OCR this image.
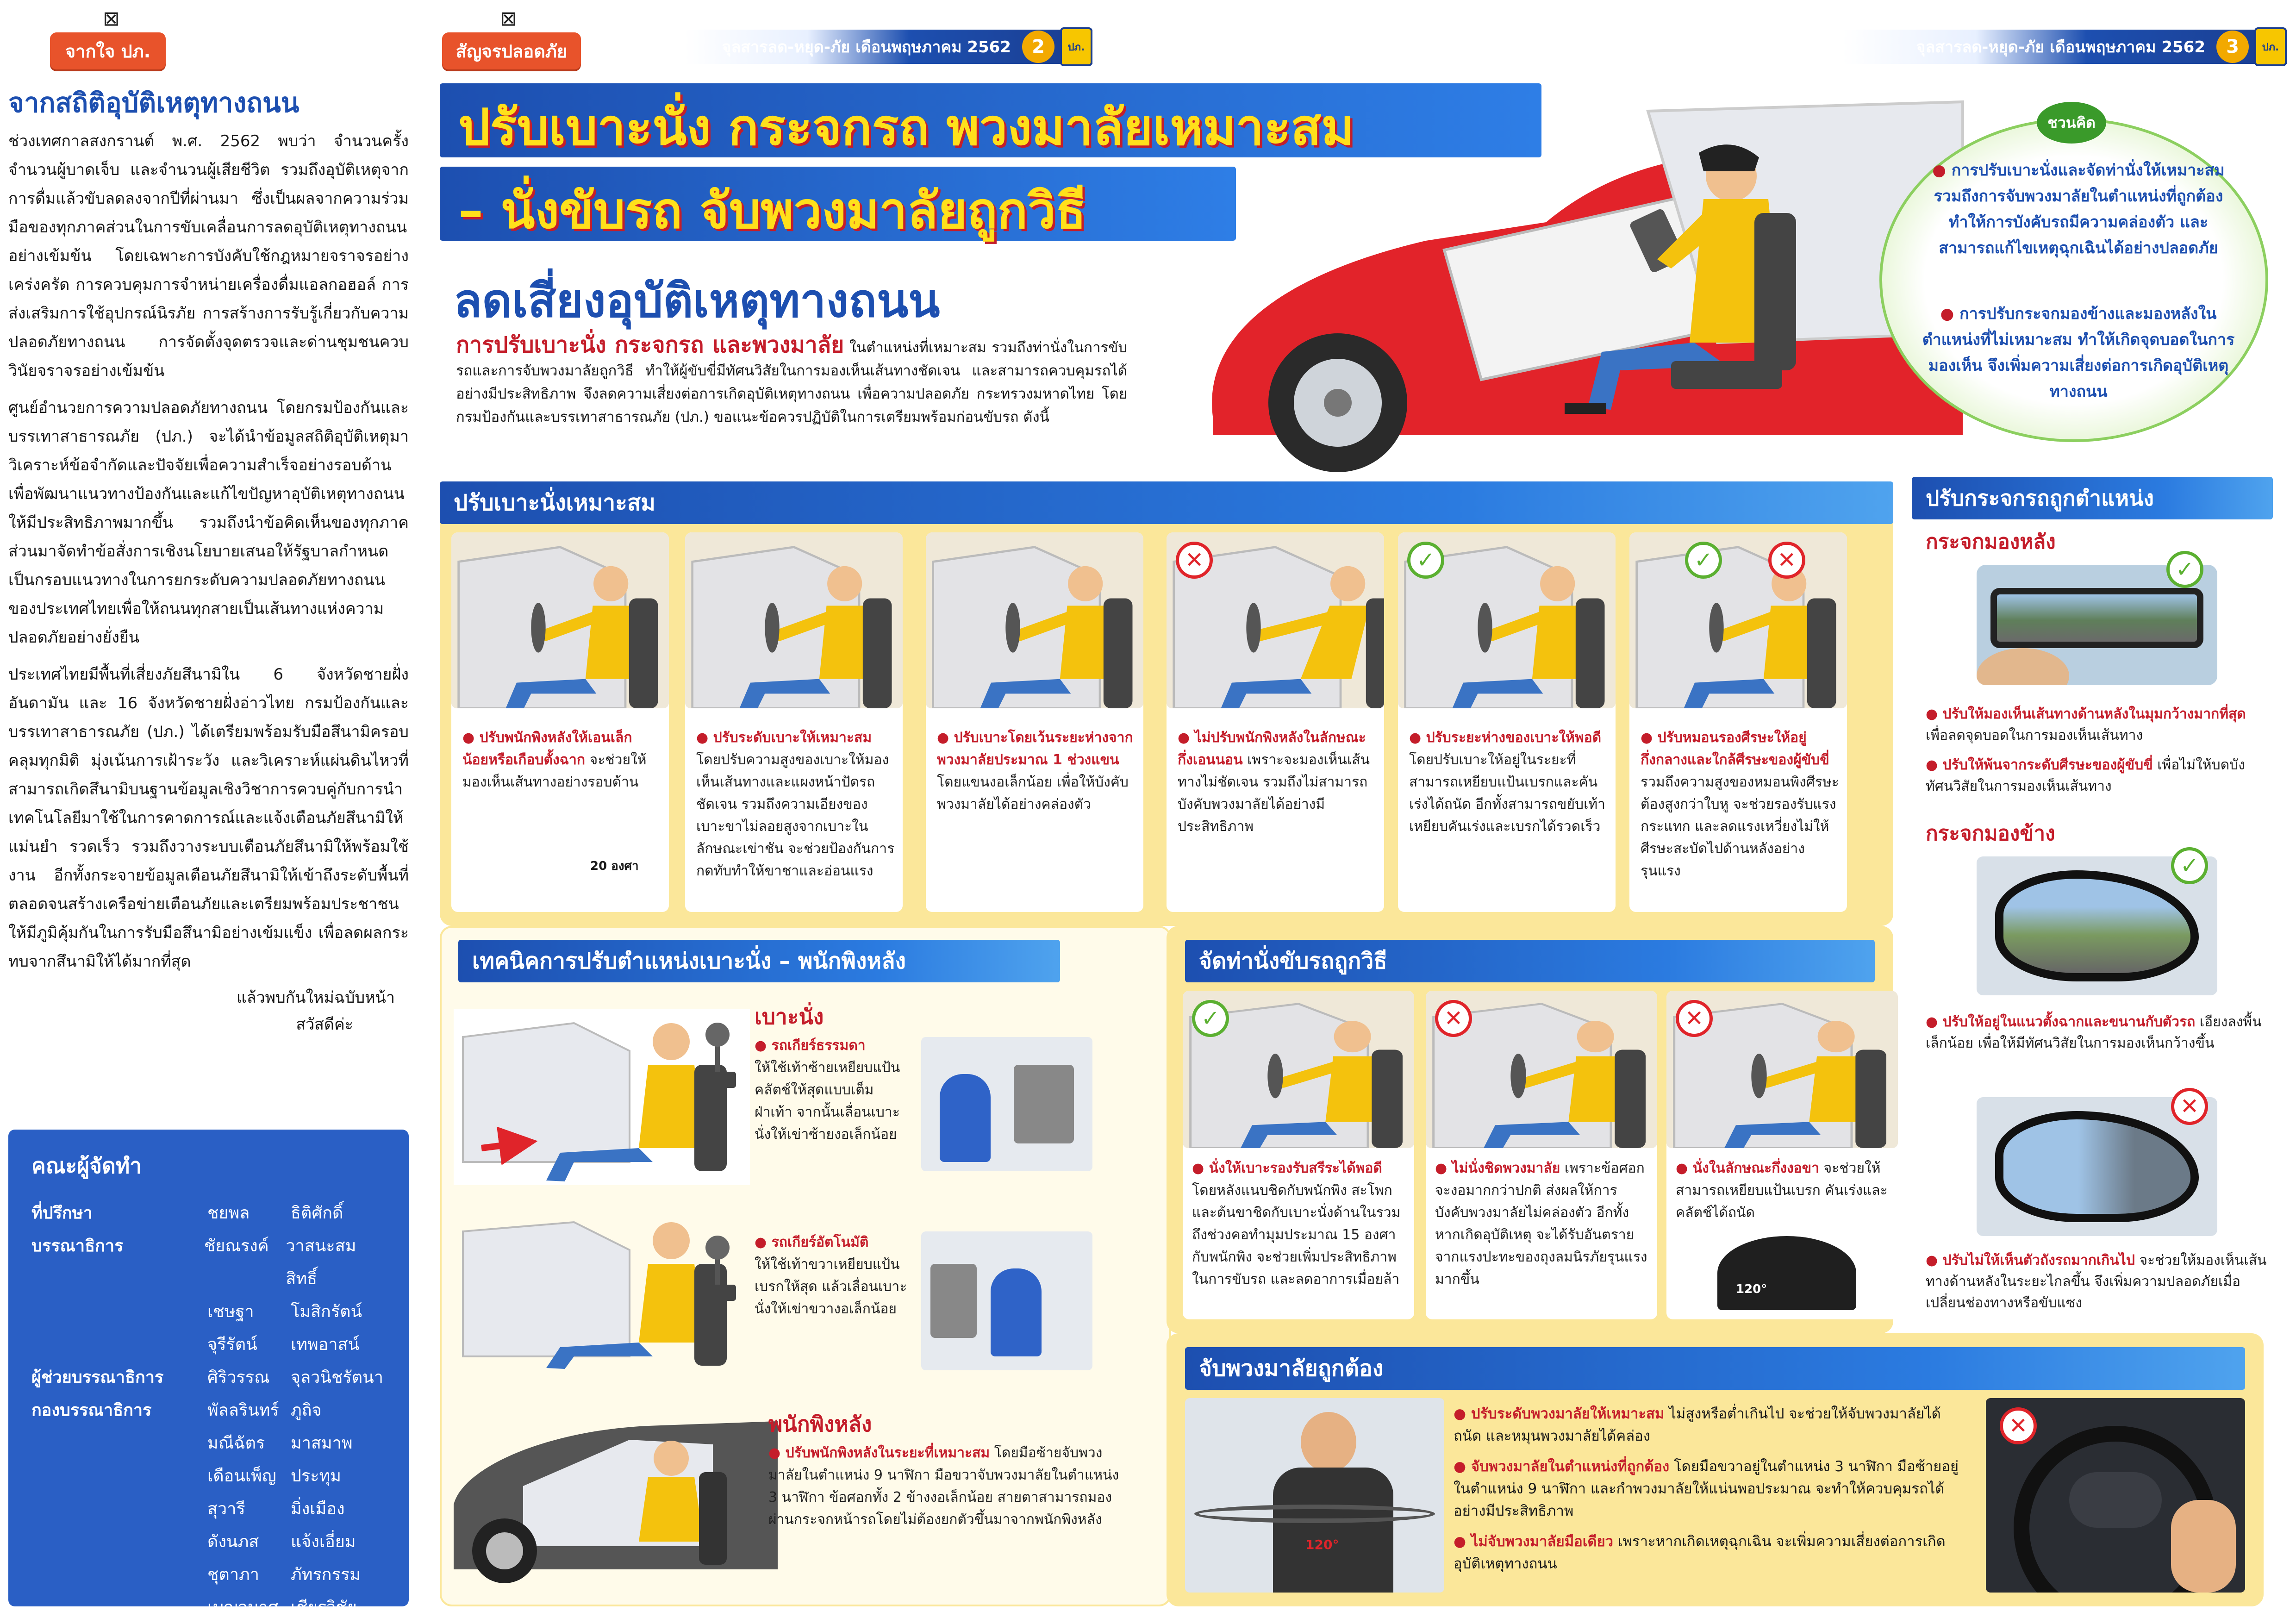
⊠	⊠
จากใจ ปภ.	สัญจรปลอดภัย	จุลสารลด-หยุด-ภัย เดือนพฤษภาคม 2562	2	ปภ.	จุลสารลด-หยุด-ภัย เดือนพฤษภาคม 2562	3	ปภ.
จากสถิติอุบัติเหตุทางถนน

ช่วงเทศกาลสงกรานต์ พ.ศ. 2562 พบว่า จำนวนครั้ง จำนวนผู้บาดเจ็บ และจำนวนผู้เสียชีวิต รวมถึงอุบัติเหตุจากการดื่มแล้วขับลดลงจากปีที่ผ่านมา ซึ่งเป็นผลจากความร่วมมือของทุกภาคส่วนในการขับเคลื่อนการลดอุบัติเหตุทางถนนอย่างเข้มข้น โดยเฉพาะการบังคับใช้กฎหมายจราจรอย่างเคร่งครัด การควบคุมการจำหน่ายเครื่องดื่มแอลกอฮอล์ การส่งเสริมการใช้อุปกรณ์นิรภัย การสร้างการรับรู้เกี่ยวกับความปลอดภัยทางถนน การจัดตั้งจุดตรวจและด่านชุมชนควบวินัยจราจรอย่างเข้มข้น

ศูนย์อำนวยการความปลอดภัยทางถนน โดยกรมป้องกันและบรรเทาสาธารณภัย (ปภ.) จะได้นำข้อมูลสถิติอุบัติเหตุมาวิเคราะห์ข้อจำกัดและปัจจัยเพื่อความสำเร็จอย่างรอบด้าน เพื่อพัฒนาแนวทางป้องกันและแก้ไขปัญหาอุบัติเหตุทางถนนให้มีประสิทธิภาพมากขึ้น รวมถึงนำข้อคิดเห็นของทุกภาคส่วนมาจัดทำข้อสั่งการเชิงนโยบายเสนอให้รัฐบาลกำหนดเป็นกรอบแนวทางในการยกระดับความปลอดภัยทางถนนของประเทศไทยเพื่อให้ถนนทุกสายเป็นเส้นทางแห่งความปลอดภัยอย่างยั่งยืน

ประเทศไทยมีพื้นที่เสี่ยงภัยสึนามิใน 6 จังหวัดชายฝั่งอันดามัน และ 16 จังหวัดชายฝั่งอ่าวไทย กรมป้องกันและบรรเทาสาธารณภัย (ปภ.) ได้เตรียมพร้อมรับมือสึนามิครอบคลุมทุกมิติ มุ่งเน้นการเฝ้าระวัง และวิเคราะห์แผ่นดินไหวที่สามารถเกิดสึนามิบนฐานข้อมูลเชิงวิชาการควบคู่กับการนำเทคโนโลยีมาใช้ในการคาดการณ์และแจ้งเตือนภัยสึนามิให้แม่นยำ รวดเร็ว รวมถึงวางระบบเตือนภัยสึนามิให้พร้อมใช้งาน อีกทั้งกระจายข้อมูลเตือนภัยสึนามิให้เข้าถึงระดับพื้นที่ ตลอดจนสร้างเครือข่ายเตือนภัยและเตรียมพร้อมประชาชนให้มีภูมิคุ้มกันในการรับมือสึนามิอย่างเข้มแข็ง เพื่อลดผลกระทบจากสึนามิให้ได้มากที่สุด

แล้วพบกันใหม่ฉบับหน้า
สวัสดีค่ะ
คณะผู้จัดทำ
ที่ปรึกษา	ชยพล	ธิติศักดิ์
บรรณาธิการ	ชัยณรงค์	วาสนะสมสิทธิ์
เชษฐา	โมสิกรัตน์
จุรีรัตน์	เทพอาสน์
ผู้ช่วยบรรณาธิการ	ศิริวรรณ	จุลวนิชรัตนา
กองบรรณาธิการ	พัลลรินทร์ ภูถิจ
มณีฉัตร	มาสมาพ
เดือนเพ็ญ ประทุม
สุวารี	มิ่งเมือง
ดังนภส	แจ้งเอี่ยม
ชุตาภา	ภัทรกรรม
เบญจมาศ เชียรวิชัย
ปรับเบาะนั่ง กระจกรถ พวงมาลัยเหมาะสม
– นั่งขับรถ จับพวงมาลัยถูกวิธี
ลดเสี่ยงอุบัติเหตุทางถนน
การปรับเบาะนั่ง กระจกรถ และพวงมาลัย ในตำแหน่งที่เหมาะสม รวมถึงท่านั่งในการขับรถและการจับพวงมาลัยถูกวิธี ทำให้ผู้ขับขี่มีทัศนวิสัยในการมองเห็นเส้นทางชัดเจน และสามารถควบคุมรถได้อย่างมีประสิทธิภาพ จึงลดความเสี่ยงต่อการเกิดอุบัติเหตุทางถนน เพื่อความปลอดภัย กระทรวงมหาดไทย โดยกรมป้องกันและบรรเทาสาธารณภัย (ปภ.) ขอแนะข้อควรปฏิบัติในการเตรียมพร้อมก่อนขับรถ ดังนี้
ชวนคิด
● การปรับเบาะนั่งและจัดท่านั่งให้เหมาะสม รวมถึงการจับพวงมาลัยในตำแหน่งที่ถูกต้อง ทำให้การบังคับรถมีความคล่องตัว และสามารถแก้ไขเหตุฉุกเฉินได้อย่างปลอดภัย
● การปรับกระจกมองข้างและมองหลังในตำแหน่งที่ไม่เหมาะสม ทำให้เกิดจุดบอดในการมองเห็น จึงเพิ่มความเสี่ยงต่อการเกิดอุบัติเหตุทางถนน
ปรับเบาะนั่งเหมาะสม
● ปรับพนักพิงหลังให้เอนเล็กน้อยหรือเกือบตั้งฉาก จะช่วยให้มองเห็นเส้นทางอย่างรอบด้าน
20 องศา
● ปรับระดับเบาะให้เหมาะสม โดยปรับความสูงของเบาะให้มองเห็นเส้นทางและแผงหน้าปัดรถชัดเจน รวมถึงความเอียงของเบาะขาไม่ลอยสูงจากเบาะในลักษณะเข่าชัน จะช่วยป้องกันการกดทับทำให้ขาชาและอ่อนแรง
● ปรับเบาะโดยเว้นระยะห่างจากพวงมาลัยประมาณ 1 ช่วงแขน โดยแขนงอเล็กน้อย เพื่อให้บังคับพวงมาลัยได้อย่างคล่องตัว
● ไม่ปรับพนักพิงหลังในลักษณะกึ่งเอนนอน เพราะจะมองเห็นเส้นทางไม่ชัดเจน รวมถึงไม่สามารถบังคับพวงมาลัยได้อย่างมีประสิทธิภาพ
✕
● ปรับระยะห่างของเบาะให้พอดี โดยปรับเบาะให้อยู่ในระยะที่สามารถเหยียบแป้นเบรกและคันเร่งได้ถนัด อีกทั้งสามารถขยับเท้าเหยียบคันเร่งและเบรกได้รวดเร็ว
✓
● ปรับหมอนรองศีรษะให้อยู่กึ่งกลางและใกล้ศีรษะของผู้ขับขี่ รวมถึงความสูงของหมอนพิงศีรษะต้องสูงกว่าใบหู จะช่วยรองรับแรงกระแทก และลดแรงเหวี่ยงไม่ให้ศีรษะสะบัดไปด้านหลังอย่างรุนแรง
✓	✕
เทคนิคการปรับตำแหน่งเบาะนั่ง – พนักพิงหลัง
เบาะนั่ง
● รถเกียร์ธรรมดา
ให้ใช้เท้าซ้ายเหยียบแป้นคลัตช์ให้สุดแบบเต็มฝ่าเท้า จากนั้นเลื่อนเบาะนั่งให้เข่าซ้ายงอเล็กน้อย
● รถเกียร์อัตโนมัติ
ให้ใช้เท้าขวาเหยียบแป้นเบรกให้สุด แล้วเลื่อนเบาะนั่งให้เข่าขวางอเล็กน้อย
พนักพิงหลัง
● ปรับพนักพิงหลังในระยะที่เหมาะสม โดยมือซ้ายจับพวงมาลัยในตำแหน่ง 9 นาฬิกา มือขวาจับพวงมาลัยในตำแหน่ง 3 นาฬิกา ข้อศอกทั้ง 2 ข้างงอเล็กน้อย สายตาสามารถมองผ่านกระจกหน้ารถโดยไม่ต้องยกตัวขึ้นมาจากพนักพิงหลัง
จัดท่านั่งขับรถถูกวิธี
● นั่งให้เบาะรองรับสรีระได้พอดี โดยหลังแนบชิดกับพนักพิง สะโพกและต้นขาชิดกับเบาะนั่งด้านในรวมถึงช่วงคอทำมุมประมาณ 15 องศากับพนักพิง จะช่วยเพิ่มประสิทธิภาพในการขับรถ และลดอาการเมื่อยล้า
✓
● ไม่นั่งชิดพวงมาลัย เพราะข้อศอกจะงอมากกว่าปกติ ส่งผลให้การบังคับพวงมาลัยไม่คล่องตัว อีกทั้งหากเกิดอุบัติเหตุ จะได้รับอันตรายจากแรงปะทะของถุงลมนิรภัยรุนแรงมากขึ้น
✕
● นั่งในลักษณะกึ่งงอขา จะช่วยให้สามารถเหยียบแป้นเบรก คันเร่งและคลัตช์ได้ถนัด
✕
120°
จับพวงมาลัยถูกต้อง
120°
● ปรับระดับพวงมาลัยให้เหมาะสม ไม่สูงหรือต่ำเกินไป จะช่วยให้จับพวงมาลัยได้ถนัด และหมุนพวงมาลัยได้คล่อง
● จับพวงมาลัยในตำแหน่งที่ถูกต้อง โดยมือขวาอยู่ในตำแหน่ง 3 นาฬิกา มือซ้ายอยู่ในตำแหน่ง 9 นาฬิกา และกำพวงมาลัยให้แน่นพอประมาณ จะทำให้ควบคุมรถได้อย่างมีประสิทธิภาพ
● ไม่จับพวงมาลัยมือเดียว เพราะหากเกิดเหตุฉุกเฉิน จะเพิ่มความเสี่ยงต่อการเกิดอุบัติเหตุทางถนน
✕
ปรับกระจกรถถูกตำแหน่ง
กระจกมองหลัง
✓
● ปรับให้มองเห็นเส้นทางด้านหลังในมุมกว้างมากที่สุด เพื่อลดจุดบอดในการมองเห็นเส้นทาง
● ปรับให้พ้นจากระดับศีรษะของผู้ขับขี่ เพื่อไม่ให้บดบังทัศนวิสัยในการมองเห็นเส้นทาง
กระจกมองข้าง
✓
● ปรับให้อยู่ในแนวตั้งฉากและขนานกับตัวรถ เอียงลงพื้นเล็กน้อย เพื่อให้มีทัศนวิสัยในการมองเห็นกว้างขึ้น
✕
● ปรับไม่ให้เห็นตัวถังรถมากเกินไป จะช่วยให้มองเห็นเส้นทางด้านหลังในระยะไกลขึ้น จึงเพิ่มความปลอดภัยเมื่อเปลี่ยนช่องทางหรือขับแซง
